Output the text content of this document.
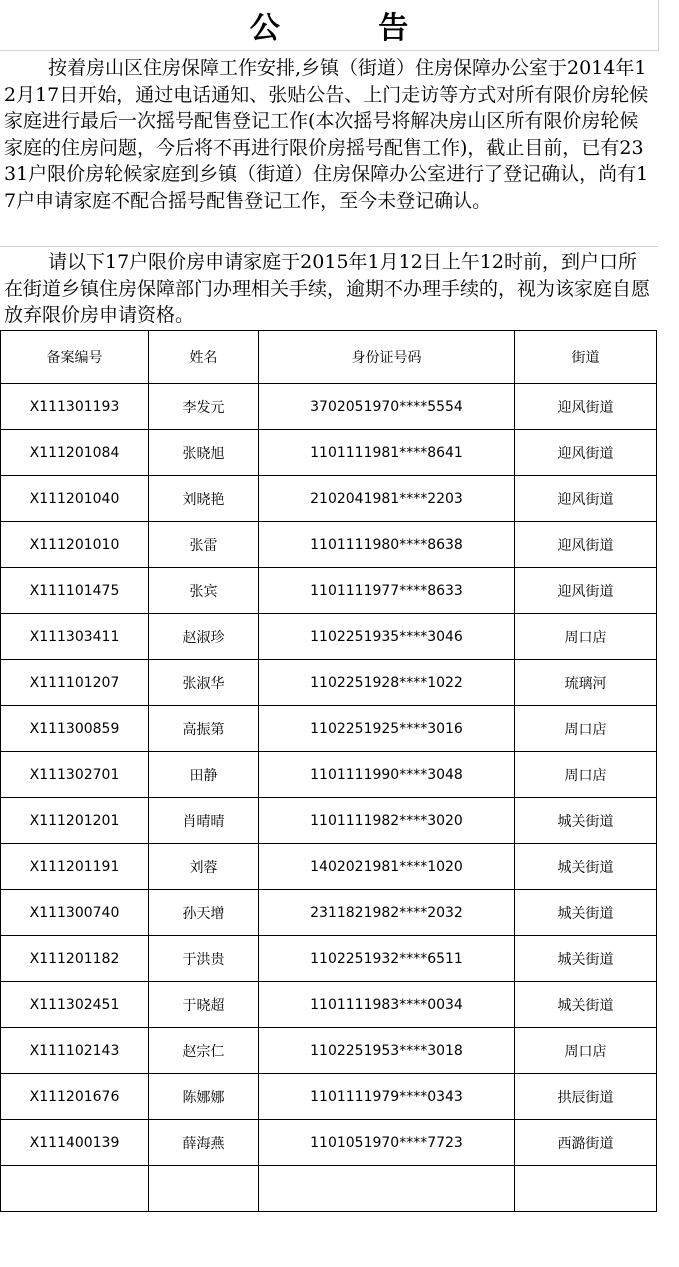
公 告

按着房山区住房保障工作安排,乡镇（街道）住房保障办公室于2014年12月17日开始，通过电话通知、张贴公告、上门走访等方式对所有限价房轮候家庭进行最后一次摇号配售登记工作(本次摇号将解决房山区所有限价房轮候家庭的住房问题，今后将不再进行限价房摇号配售工作)，截止目前，已有2331户限价房轮候家庭到乡镇（街道）住房保障办公室进行了登记确认，尚有17户申请家庭不配合摇号配售登记工作，至今未登记确认。

请以下17户限价房申请家庭于2015年1月12日上午12时前，到户口所在街道乡镇住房保障部门办理相关手续，逾期不办理手续的，视为该家庭自愿放弃限价房申请资格。

备案编号	姓名	身份证号码	街道
X111301193	李发元	3702051970****5554	迎风街道
X111201084	张晓旭	1101111981****8641	迎风街道
X111201040	刘晓艳	2102041981****2203	迎风街道
X111201010	张雷	1101111980****8638	迎风街道
X111101475	张宾	1101111977****8633	迎风街道
X111303411	赵淑珍	1102251935****3046	周口店
X111101207	张淑华	1102251928****1022	琉璃河
X111300859	高振第	1102251925****3016	周口店
X111302701	田静	1101111990****3048	周口店
X111201201	肖晴晴	1101111982****3020	城关街道
X111201191	刘蓉	1402021981****1020	城关街道
X111300740	孙天增	2311821982****2032	城关街道
X111201182	于洪贵	1102251932****6511	城关街道
X111302451	于晓超	1101111983****0034	城关街道
X111102143	赵宗仁	1102251953****3018	周口店
X111201676	陈娜娜	1101111979****0343	拱辰街道
X111400139	薛海燕	1101051970****7723	西潞街道
